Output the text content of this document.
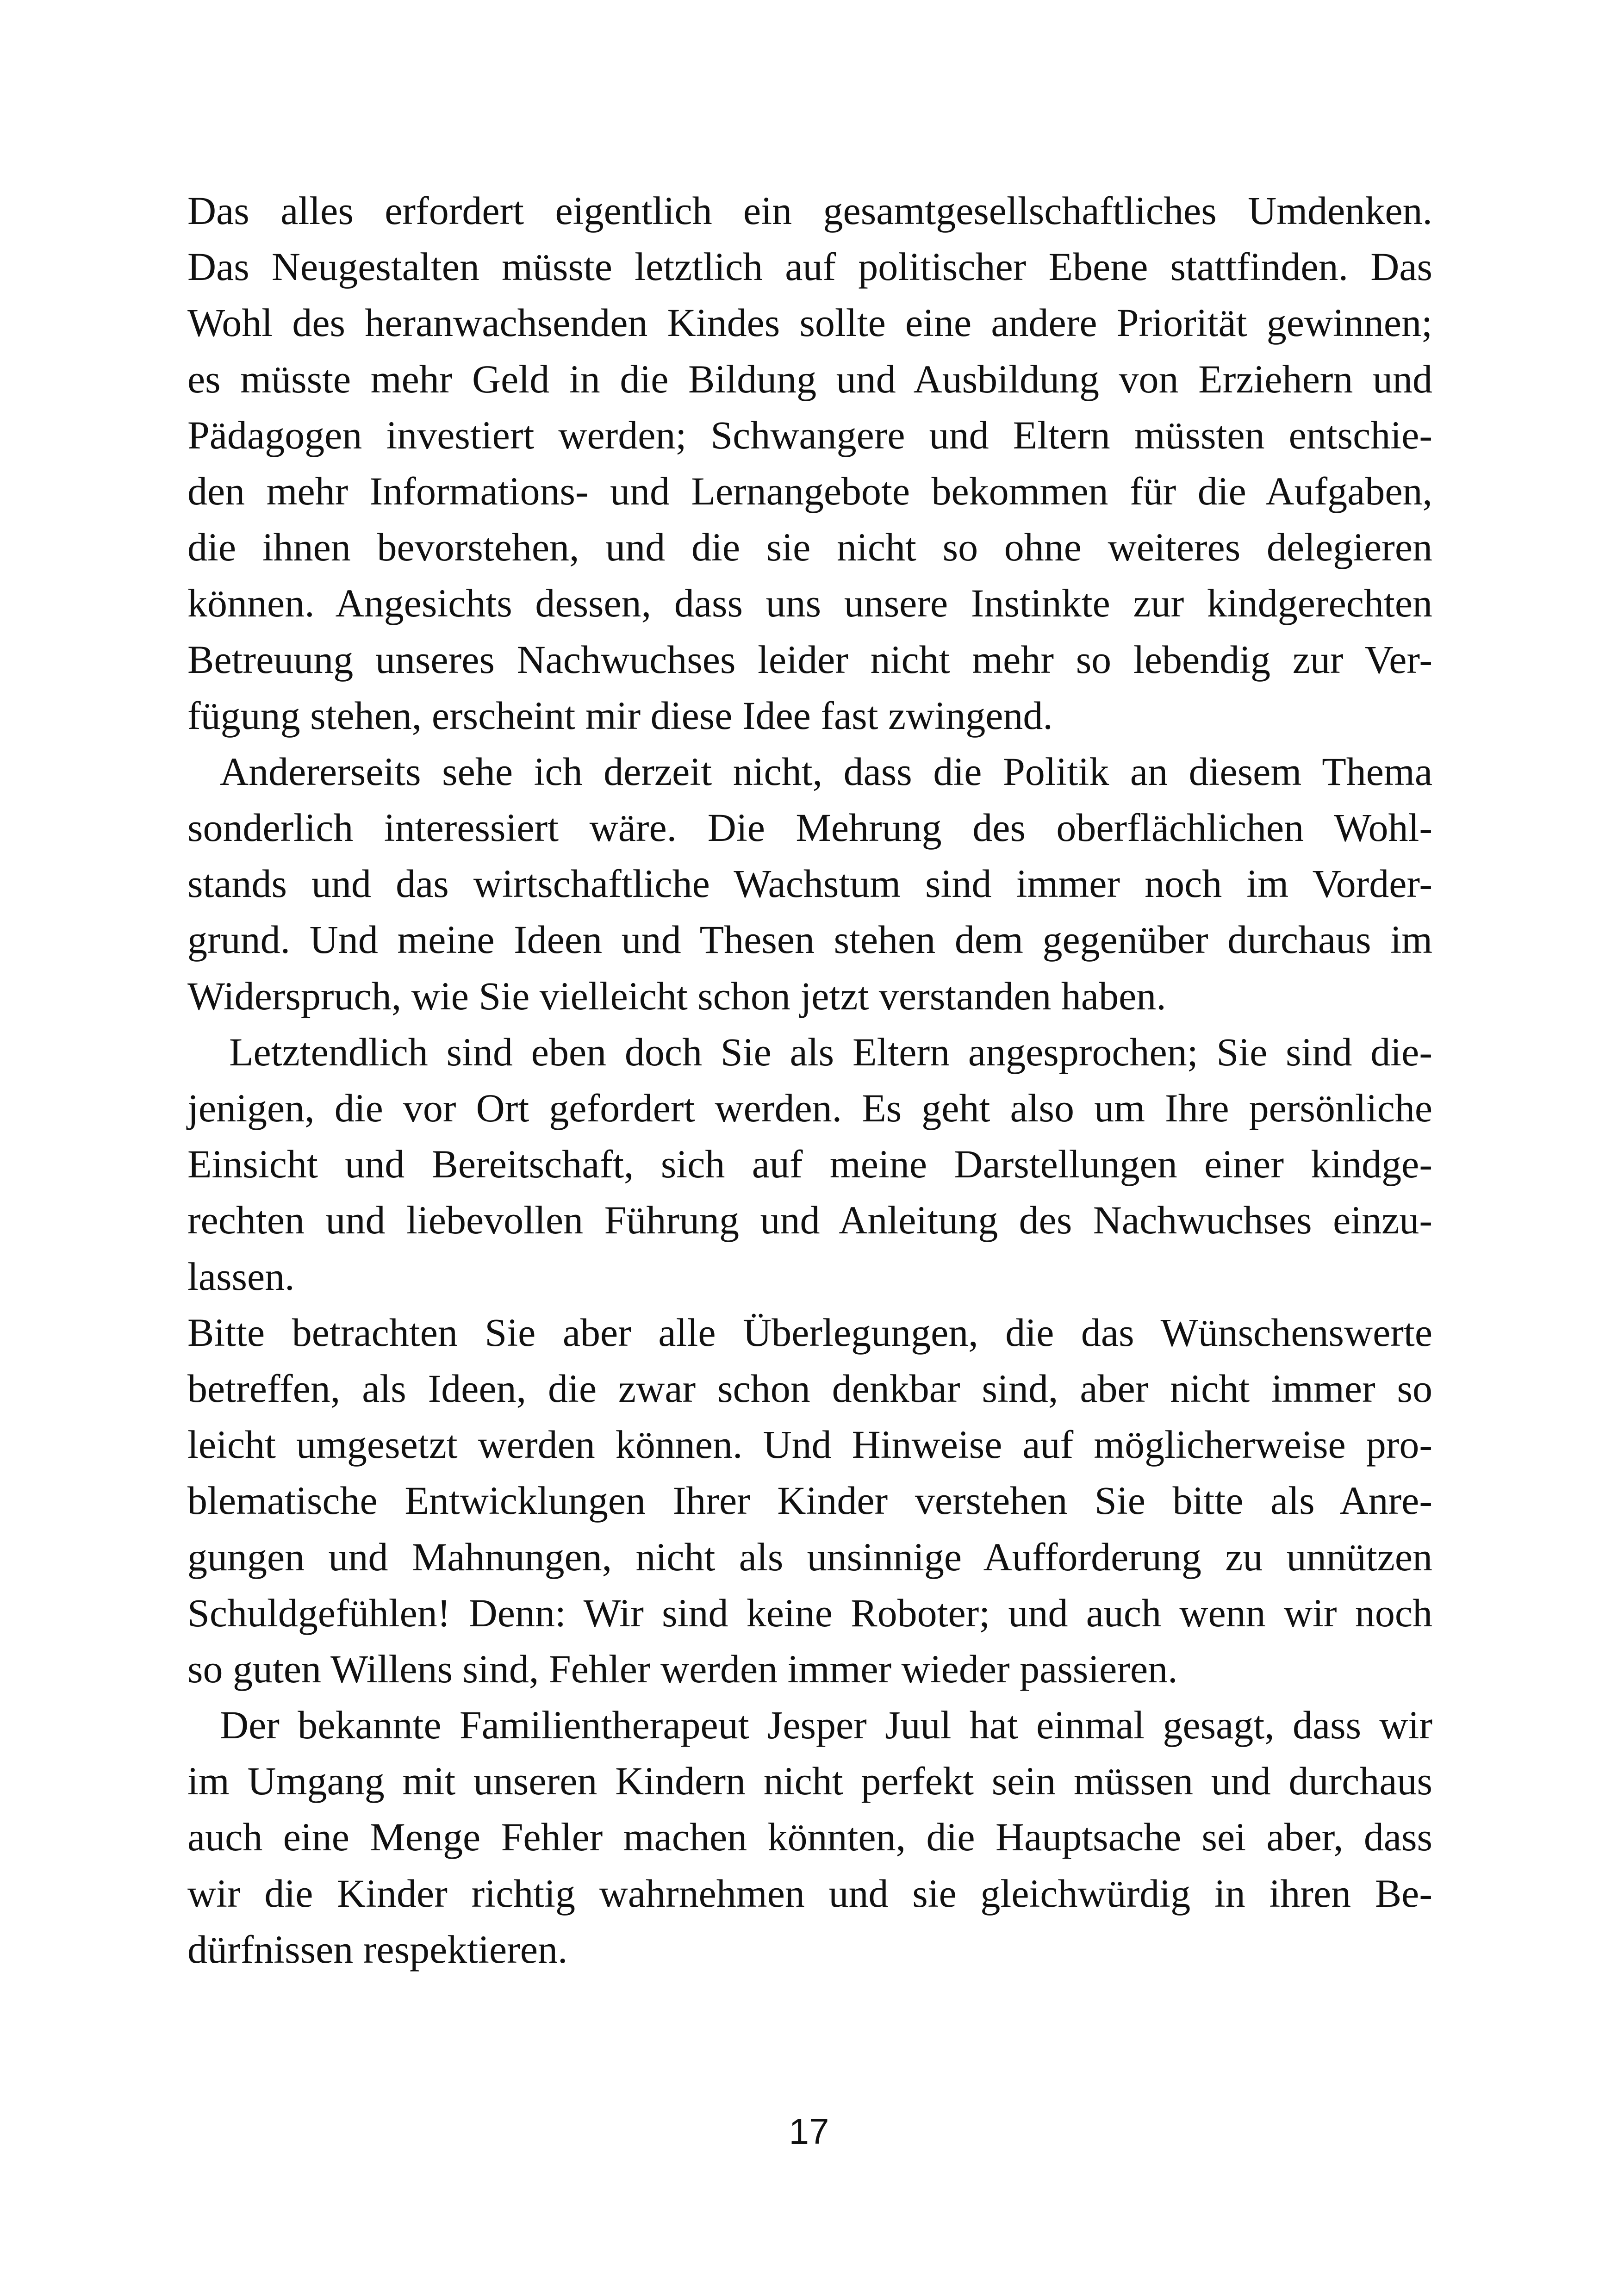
Das alles erfordert eigentlich ein gesamtgesellschaftliches Umdenken.
Das Neugestalten müsste letztlich auf politischer Ebene stattfinden. Das
Wohl des heranwachsenden Kindes sollte eine andere Priorität gewinnen;
es müsste mehr Geld in die Bildung und Ausbildung von Erziehern und
Pädagogen investiert werden; Schwangere und Eltern müssten entschie-
den mehr Informations- und Lernangebote bekommen für die Aufgaben,
die ihnen bevorstehen, und die sie nicht so ohne weiteres delegieren
können. Angesichts dessen, dass uns unsere Instinkte zur kindgerechten
Betreuung unseres Nachwuchses leider nicht mehr so lebendig zur Ver-
fügung stehen, erscheint mir diese Idee fast zwingend.
Andererseits sehe ich derzeit nicht, dass die Politik an diesem Thema
sonderlich interessiert wäre. Die Mehrung des oberflächlichen Wohl-
stands und das wirtschaftliche Wachstum sind immer noch im Vorder-
grund. Und meine Ideen und Thesen stehen dem gegenüber durchaus im
Widerspruch, wie Sie vielleicht schon jetzt verstanden haben.
Letztendlich sind eben doch Sie als Eltern angesprochen; Sie sind die-
jenigen, die vor Ort gefordert werden. Es geht also um Ihre persönliche
Einsicht und Bereitschaft, sich auf meine Darstellungen einer kindge-
rechten und liebevollen Führung und Anleitung des Nachwuchses einzu-
lassen.
Bitte betrachten Sie aber alle Überlegungen, die das Wünschenswerte
betreffen, als Ideen, die zwar schon denkbar sind, aber nicht immer so
leicht umgesetzt werden können. Und Hinweise auf möglicherweise pro-
blematische Entwicklungen Ihrer Kinder verstehen Sie bitte als Anre-
gungen und Mahnungen, nicht als unsinnige Aufforderung zu unnützen
Schuldgefühlen! Denn: Wir sind keine Roboter; und auch wenn wir noch
so guten Willens sind, Fehler werden immer wieder passieren.
Der bekannte Familientherapeut Jesper Juul hat einmal gesagt, dass wir
im Umgang mit unseren Kindern nicht perfekt sein müssen und durchaus
auch eine Menge Fehler machen könnten, die Hauptsache sei aber, dass
wir die Kinder richtig wahrnehmen und sie gleichwürdig in ihren Be-
dürfnissen respektieren.
17
